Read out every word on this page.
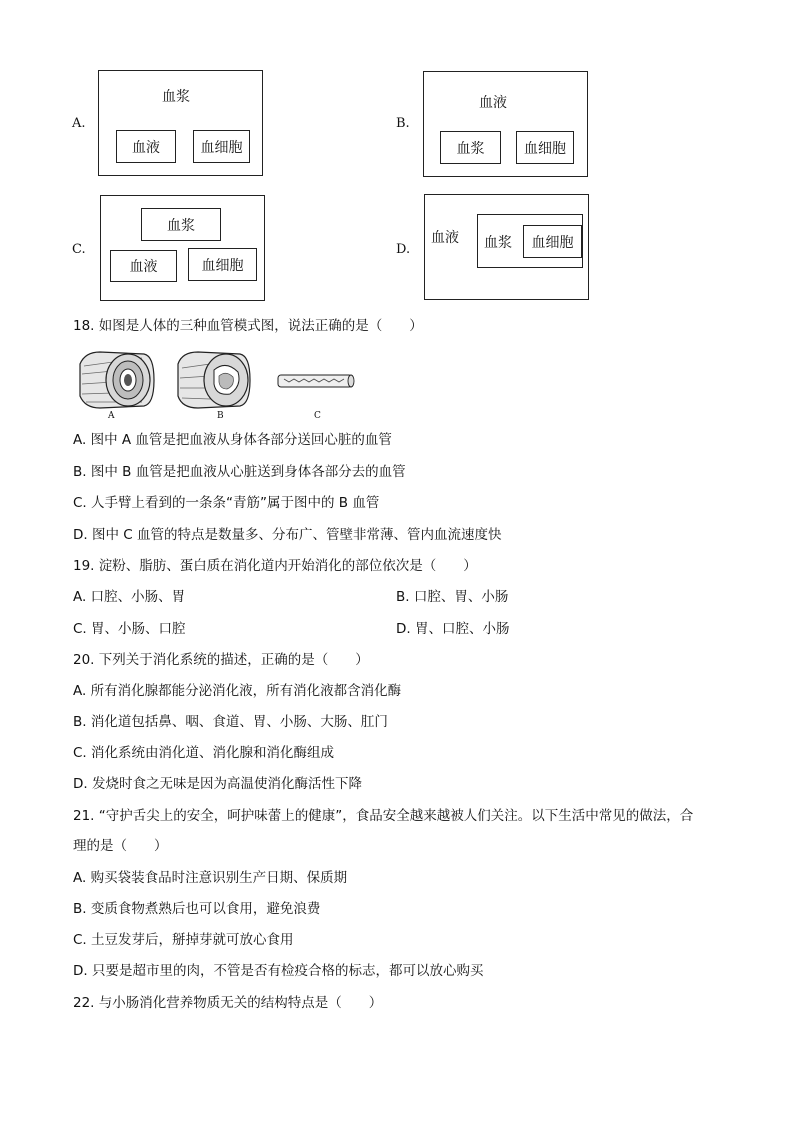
A.
血浆
血液	血细胞
B.
血液
血浆	血细胞
C.
血浆
血液	血细胞
D.
血液 血浆	血细胞
18. 如图是人体的三种血管模式图，说法正确的是（　　）
A	B	C
A. 图中 A 血管是把血液从身体各部分送回心脏的血管
B. 图中 B 血管是把血液从心脏送到身体各部分去的血管
C. 人手臂上看到的一条条“青筋”属于图中的 B 血管
D. 图中 C 血管的特点是数量多、分布广、管壁非常薄、管内血流速度快
19. 淀粉、脂肪、蛋白质在消化道内开始消化的部位依次是（　　）
A. 口腔、小肠、胃	B. 口腔、胃、小肠
C. 胃、小肠、口腔	D. 胃、口腔、小肠
20. 下列关于消化系统的描述，正确的是（　　）
A. 所有消化腺都能分泌消化液，所有消化液都含消化酶
B. 消化道包括鼻、咽、食道、胃、小肠、大肠、肛门
C. 消化系统由消化道、消化腺和消化酶组成
D. 发烧时食之无味是因为高温使消化酶活性下降
21. “守护舌尖上的安全，呵护味蕾上的健康”，食品安全越来越被人们关注。以下生活中常见的做法，合
理的是（　　）
A. 购买袋装食品时注意识别生产日期、保质期
B. 变质食物煮熟后也可以食用，避免浪费
C. 土豆发芽后，掰掉芽就可放心食用
D. 只要是超市里的肉，不管是否有检疫合格的标志，都可以放心购买
22. 与小肠消化营养物质无关的结构特点是（　　）
